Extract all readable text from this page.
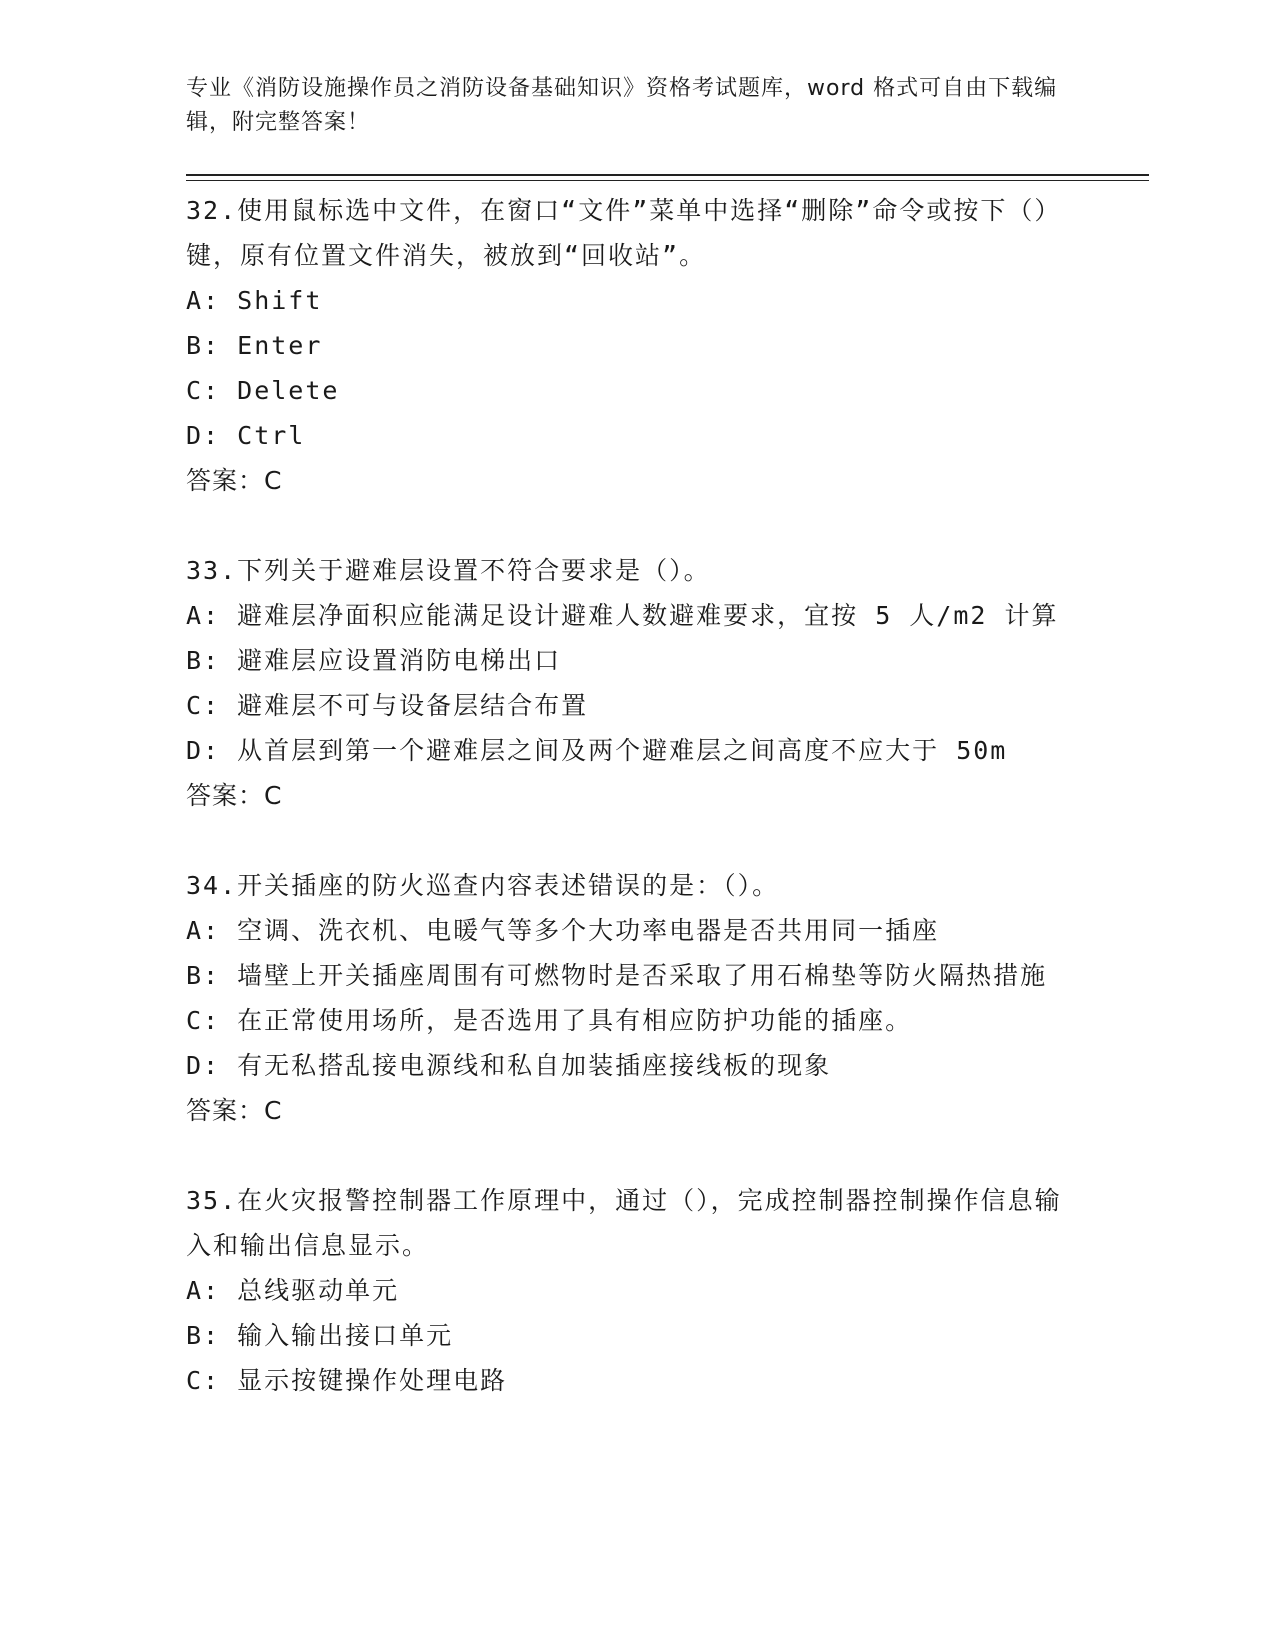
专业《消防设施操作员之消防设备基础知识》资格考试题库，word 格式可自由下载编辑，附完整答案！
32.使用鼠标选中文件，在窗口“文件”菜单中选择“删除”命令或按下（）键，原有位置文件消失，被放到“回收站”。
A: Shift
B: Enter
C: Delete
D: Ctrl
答案：C
33.下列关于避难层设置不符合要求是（）。
A: 避难层净面积应能满足设计避难人数避难要求，宜按 5 人/m2 计算
B: 避难层应设置消防电梯出口
C: 避难层不可与设备层结合布置
D: 从首层到第一个避难层之间及两个避难层之间高度不应大于 50m
答案：C
34.开关插座的防火巡查内容表述错误的是：（）。
A: 空调、洗衣机、电暖气等多个大功率电器是否共用同一插座
B: 墙壁上开关插座周围有可燃物时是否采取了用石棉垫等防火隔热措施
C: 在正常使用场所，是否选用了具有相应防护功能的插座。
D: 有无私搭乱接电源线和私自加装插座接线板的现象
答案：C
35.在火灾报警控制器工作原理中，通过（），完成控制器控制操作信息输入和输出信息显示。
A: 总线驱动单元
B: 输入输出接口单元
C: 显示按键操作处理电路
